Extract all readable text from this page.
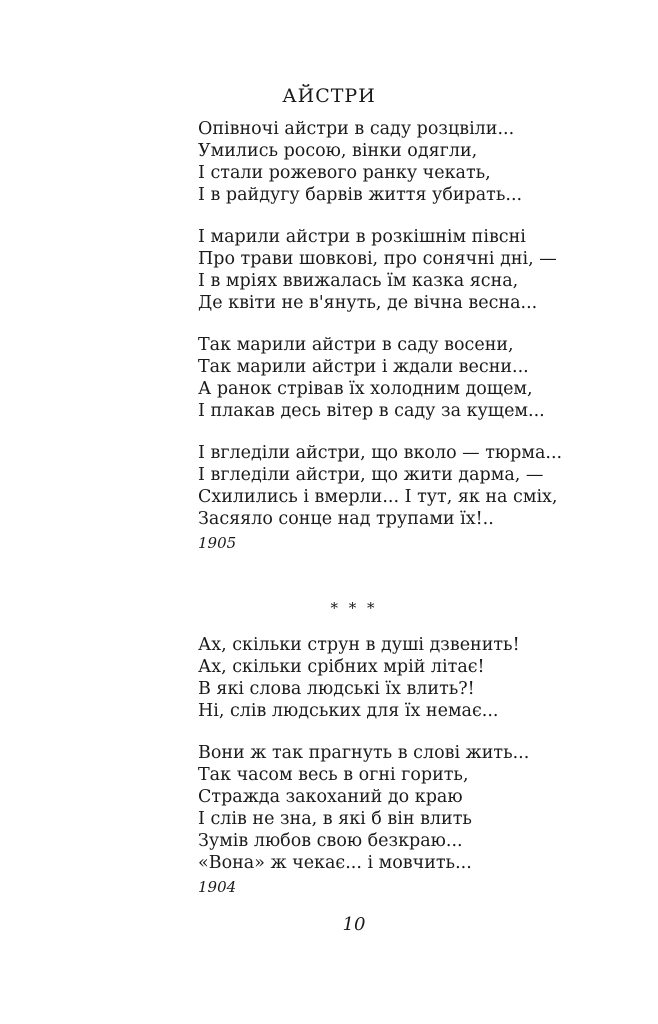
АЙСТРИ
Опівночі айстри в саду розцвіли...
Умились росою, вінки одягли,
І стали рожевого ранку чекать,
І в райдугу барвів життя убирать...
І марили айстри в розкішнім півсні
Про трави шовкові, про сонячні дні, —
І в мріях ввижалась їм казка ясна,
Де квіти не в'януть, де вічна весна...
Так марили айстри в саду восени,
Так марили айстри і ждали весни...
А ранок стрівав їх холодним дощем,
І плакав десь вітер в саду за кущем...
І вгледіли айстри, що вколо — тюрма...
І вгледіли айстри, що жити дарма, —
Схилились і вмерли... І тут, як на сміх,
Засяяло сонце над трупами їх!..
1905
* * *
Ах, скільки струн в душі дзвенить!
Ах, скільки срібних мрій літає!
В які слова людські їх влить?!
Ні, слів людських для їх немає...
Вони ж так прагнуть в слові жить...
Так часом весь в огні горить,
Стражда закоханий до краю
І слів не зна, в які б він влить
Зумів любов свою безкраю...
«Вона» ж чекає... і мовчить...
1904
10
